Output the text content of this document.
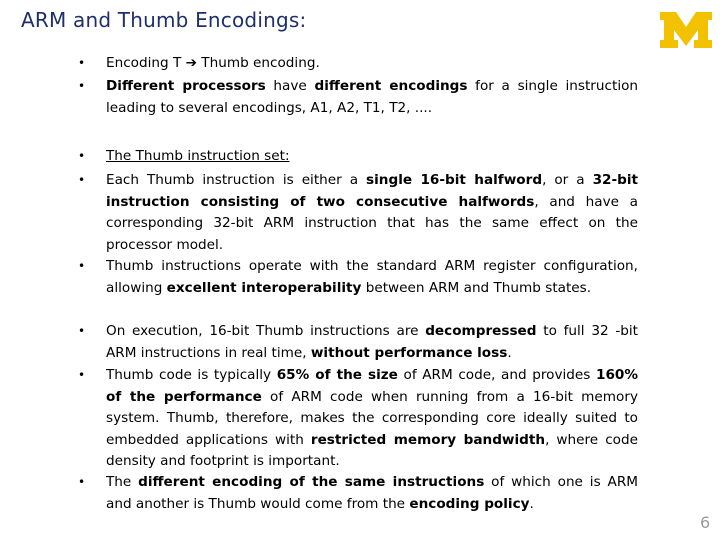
ARM and Thumb Encodings:
•	Encoding T ➔ Thumb encoding.
•	Different processors have different encodings for a single instruction leading to several encodings, A1, A2, T1, T2, ....
•	The Thumb instruction set:
•	Each Thumb instruction is either a single 16-bit halfword, or a 32-bit instruction consisting of two consecutive halfwords, and have a corresponding 32-bit ARM instruction that has the same effect on the processor model.
•	Thumb instructions operate with the standard ARM register configuration, allowing excellent interoperability between ARM and Thumb states.
•	On execution, 16-bit Thumb instructions are decompressed to full 32 -bit ARM instructions in real time, without performance loss.
•	Thumb code is typically 65% of the size of ARM code, and provides 160% of the performance of ARM code when running from a 16-bit memory system. Thumb, therefore, makes the corresponding core ideally suited to embedded applications with restricted memory bandwidth, where code density and footprint is important.
•	The different encoding of the same instructions of which one is ARM and another is Thumb would come from the encoding policy.
6
